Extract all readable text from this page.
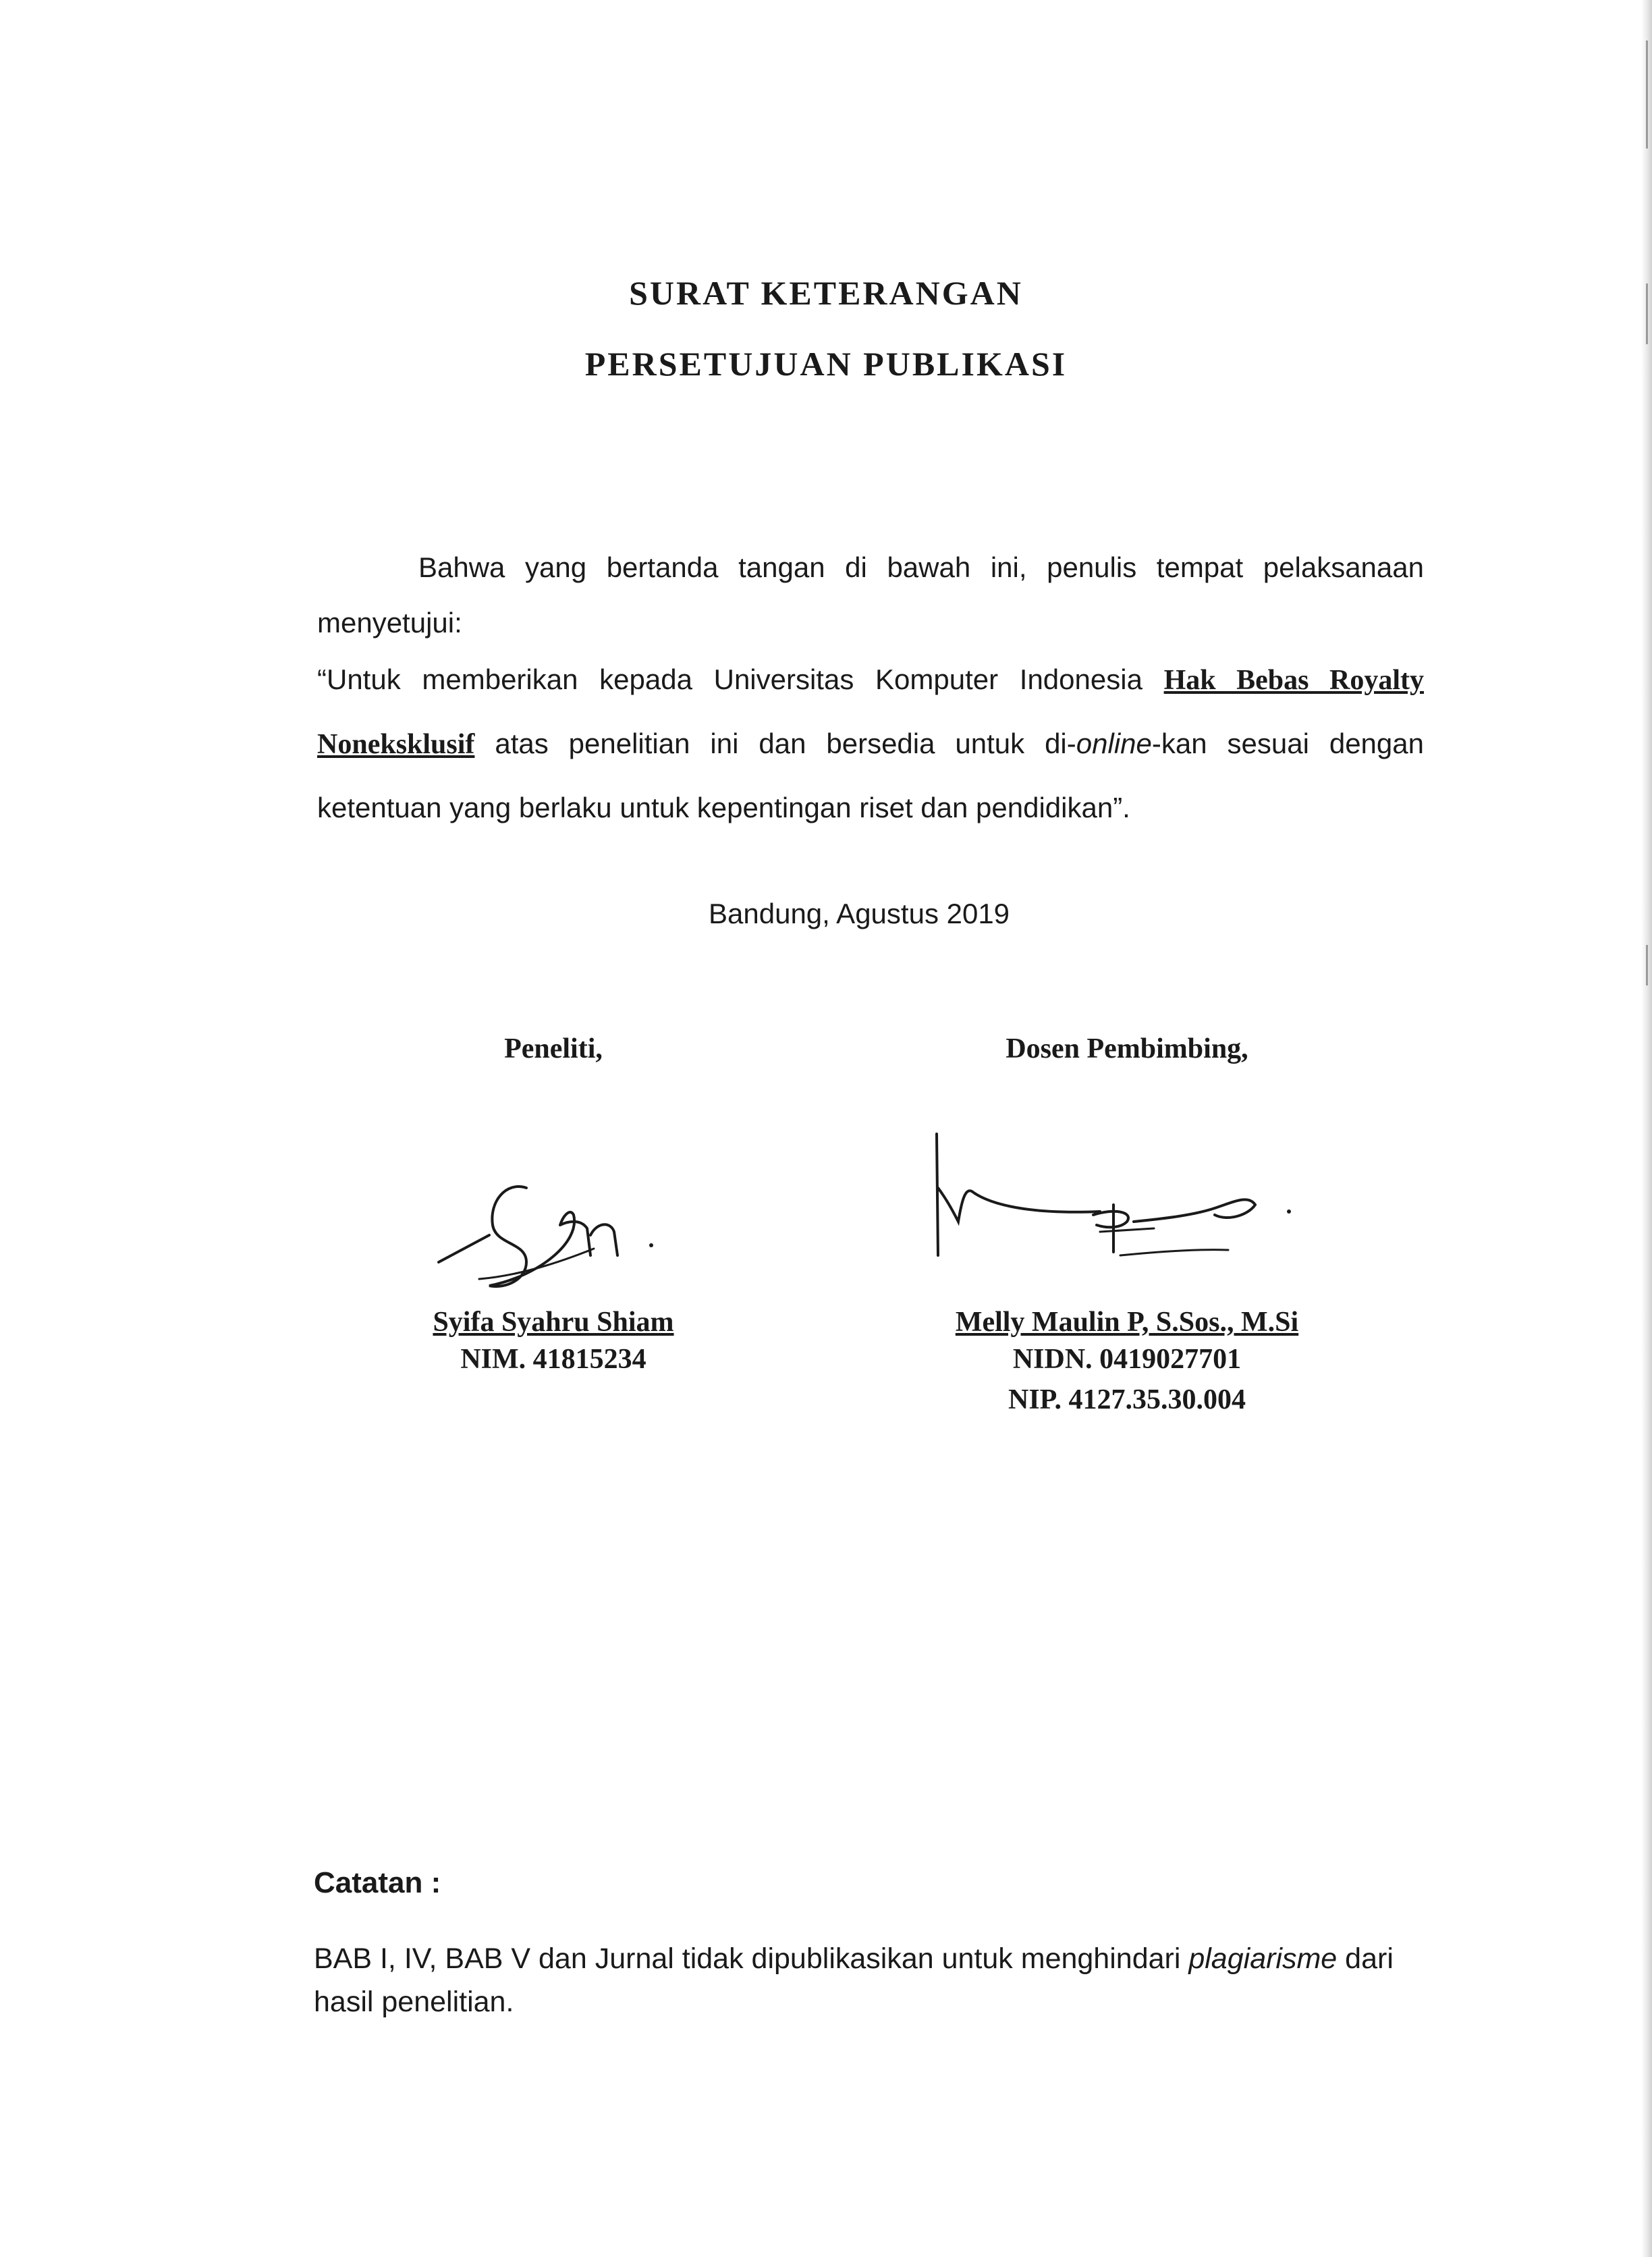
SURAT KETERANGAN
PERSETUJUAN PUBLIKASI

Bahwa yang bertanda tangan di bawah ini, penulis tempat pelaksanaan menyetujui:

“Untuk memberikan kepada Universitas Komputer Indonesia Hak Bebas Royalty Noneksklusif atas penelitian ini dan bersedia untuk di-online-kan sesuai dengan ketentuan yang berlaku untuk kepentingan riset dan pendidikan”.

Bandung, Agustus 2019
Peneliti,
Syifa Syahru Shiam
NIM. 41815234
Dosen Pembimbing,
Melly Maulin P, S.Sos., M.Si
NIDN. 0419027701
NIP. 4127.35.30.004
Catatan :
BAB I, IV, BAB V dan Jurnal tidak dipublikasikan untuk menghindari plagiarisme dari hasil penelitian.
